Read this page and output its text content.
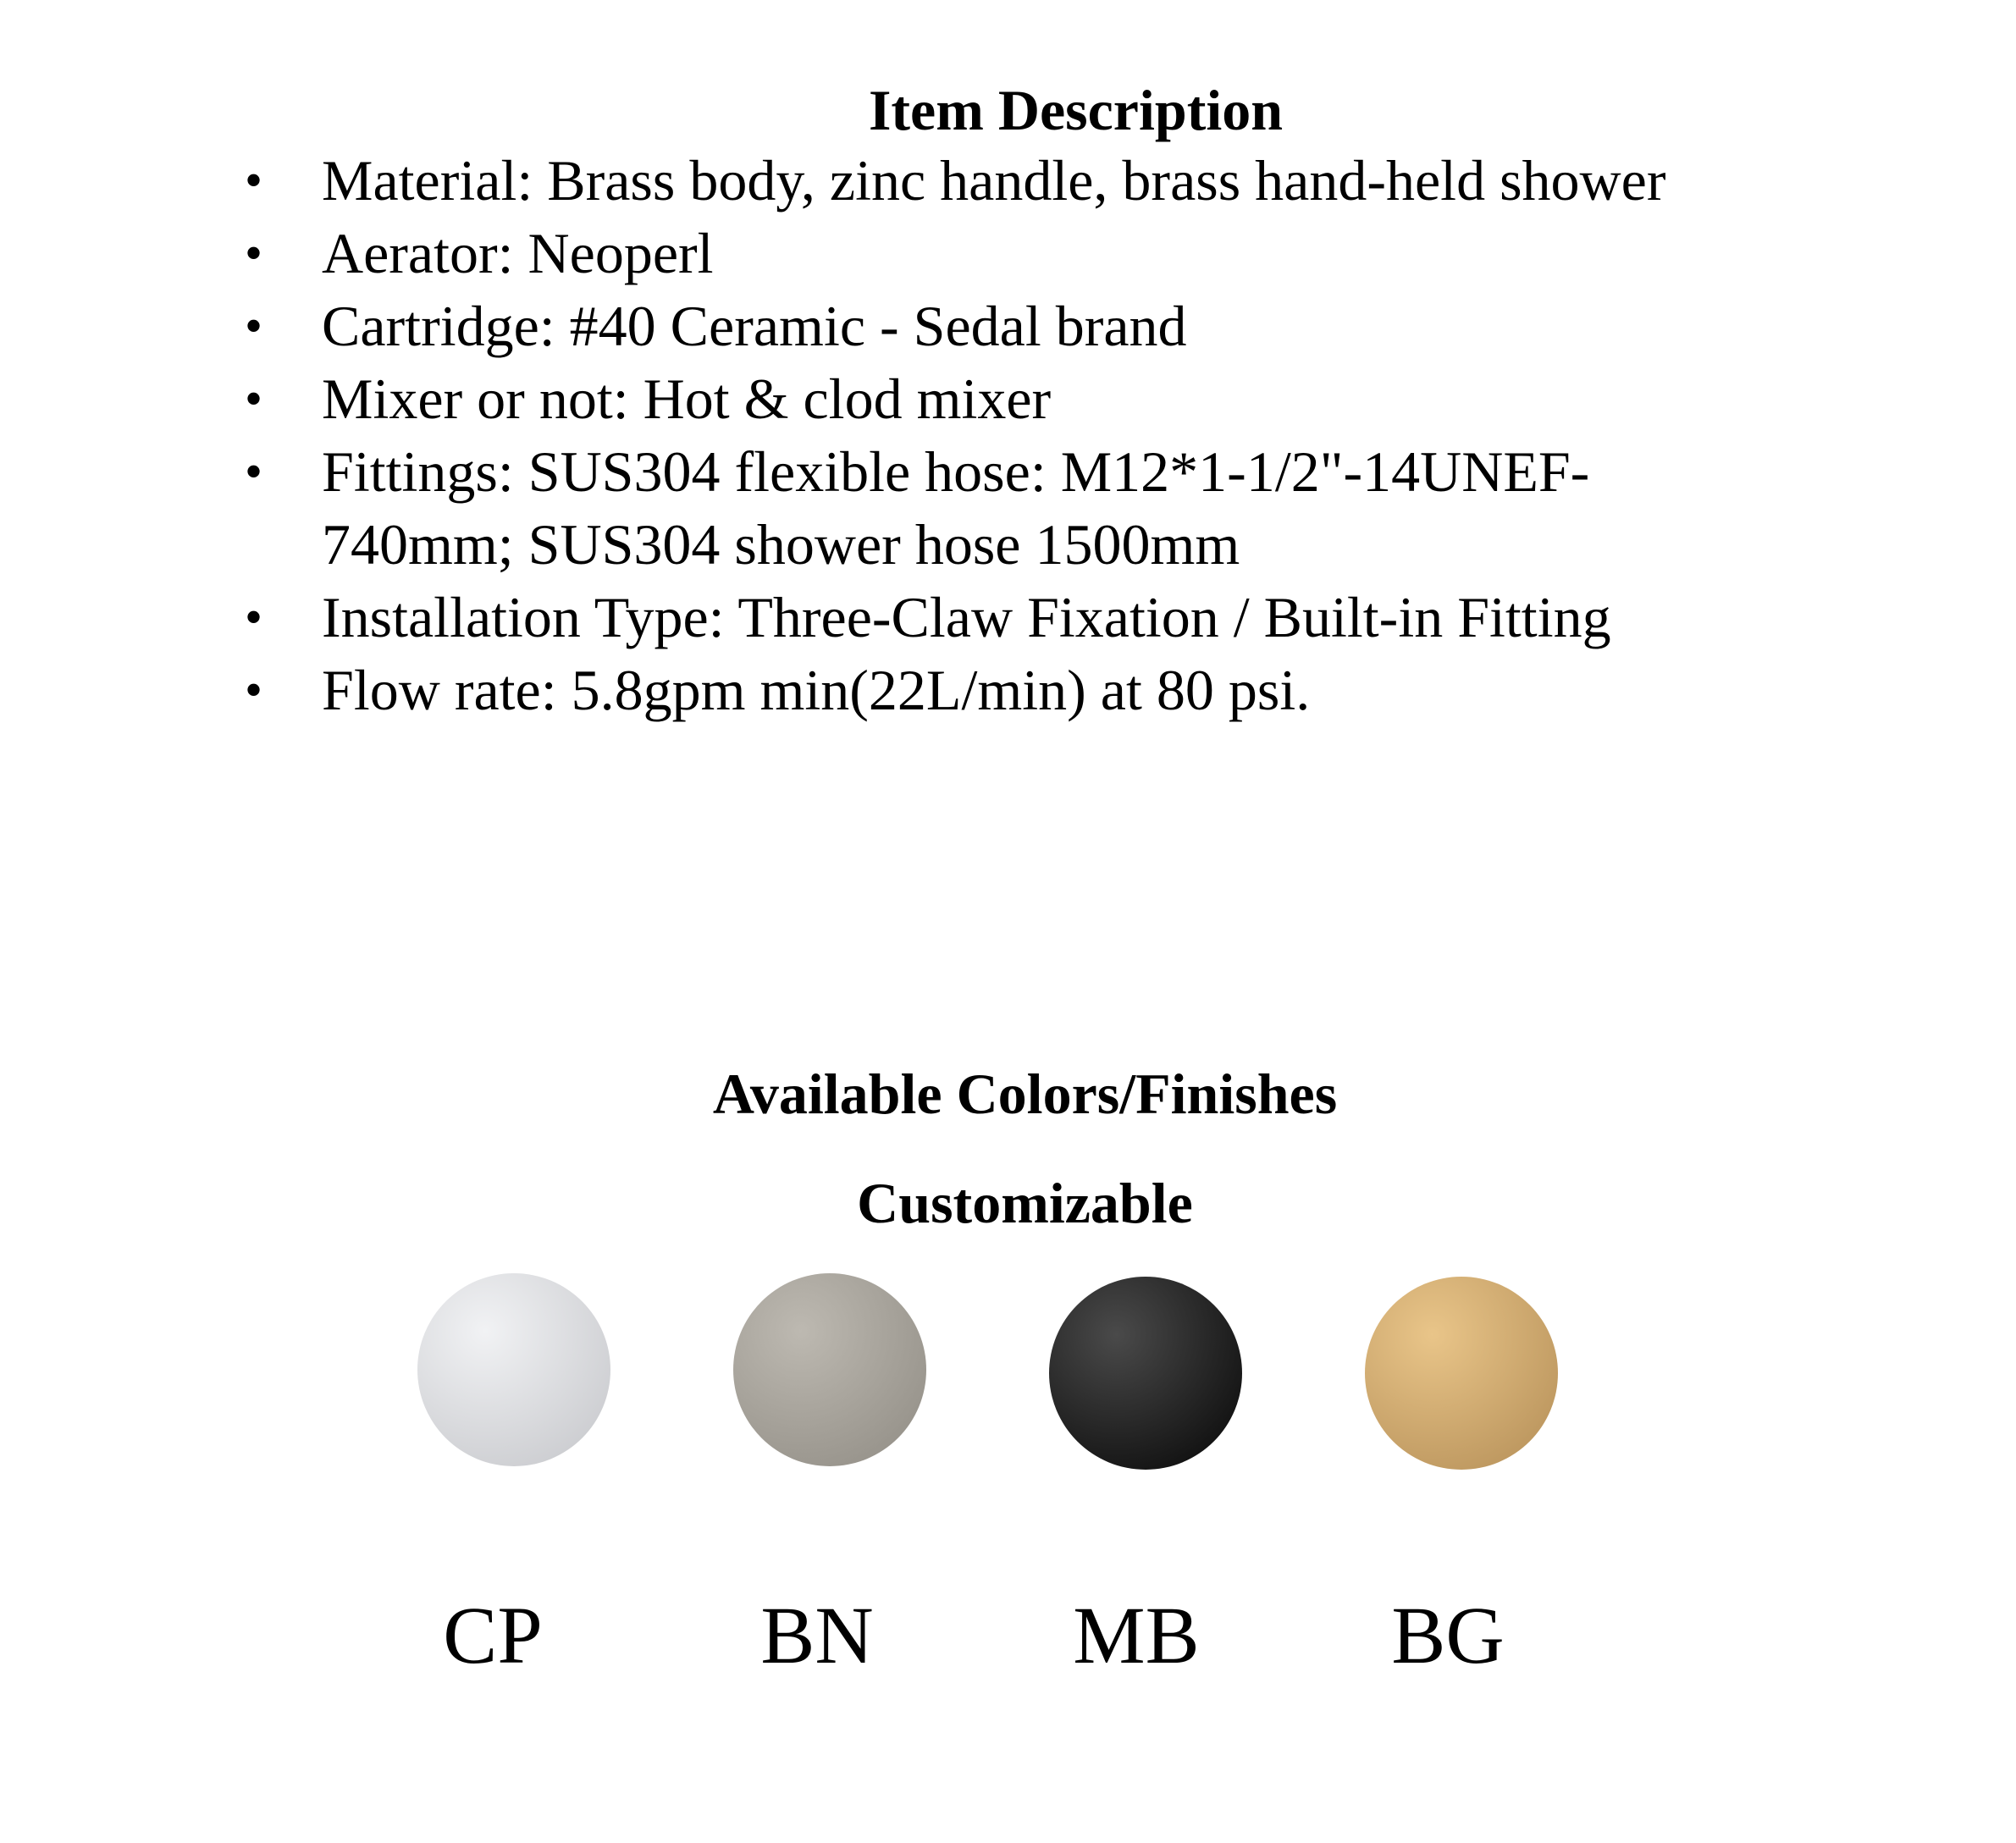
Item Description
• Material: Brass body, zinc handle, brass hand-held shower
• Aerator: Neoperl
• Cartridge: #40 Ceramic - Sedal brand
• Mixer or not: Hot & clod mixer
• Fittings: SUS304 flexible hose: M12*1-1/2"-14UNEF-
740mm; SUS304 shower hose 1500mm
• Installation Type: Three-Claw Fixation / Built-in Fitting
• Flow rate: 5.8gpm min(22L/min) at 80 psi.
Available Colors/Finishes
Customizable
CP	BN	MB	BG
